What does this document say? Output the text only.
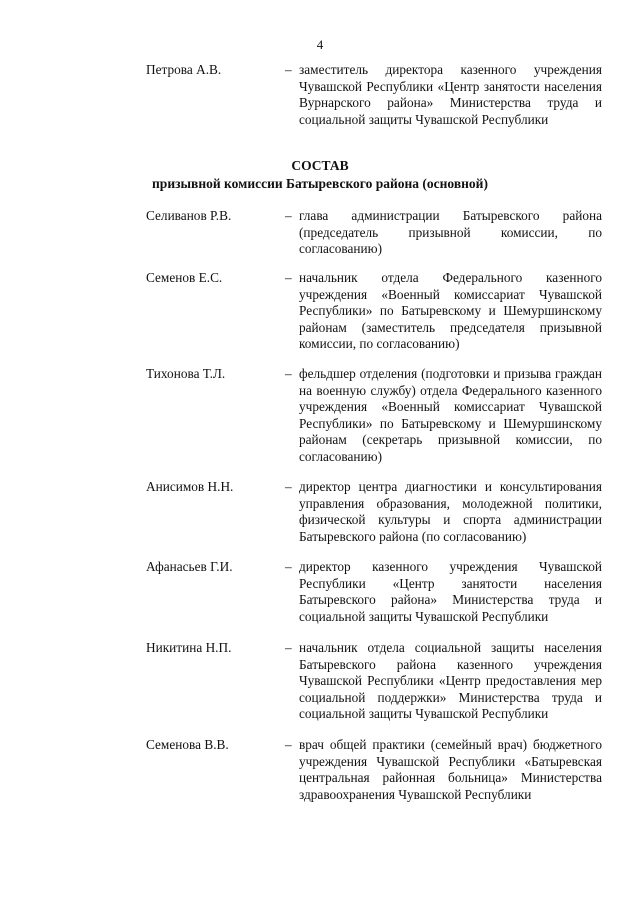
4
Петрова А.В.	– заместитель директора казенного учреждения Чувашской Республики «Центр занятости населения Вурнарского района» Министерства труда и социальной защиты Чувашской Республики
СОСТАВ
призывной комиссии Батыревского района (основной)
Селиванов Р.В.	– глава администрации Батыревского района (председатель призывной комиссии, по согласованию)
Семенов Е.С.	– начальник отдела Федерального казенного учреждения «Военный комиссариат Чувашской Республики» по Батыревскому и Шемуршинскому районам (заместитель председателя призывной комиссии, по согласованию)
Тихонова Т.Л.	– фельдшер отделения (подготовки и призыва граждан на военную службу) отдела Федерального казенного учреждения «Военный комиссариат Чувашской Республики» по Батыревскому и Шемуршинскому районам (секретарь призывной комиссии, по согласованию)
Анисимов Н.Н.	– директор центра диагностики и консультирования управления образования, молодежной политики, физической культуры и спорта администрации Батыревского района (по согласованию)
Афанасьев Г.И.	– директор казенного учреждения Чувашской Республики «Центр занятости населения Батыревского района» Министерства труда и социальной защиты Чувашской Республики
Никитина Н.П.	– начальник отдела социальной защиты населения Батыревского района казенного учреждения Чувашской Республики «Центр предоставления мер социальной поддержки» Министерства труда и социальной защиты Чувашской Республики
Семенова В.В.	– врач общей практики (семейный врач) бюджетного учреждения Чувашской Республики «Батыревская центральная районная больница» Министерства здравоохранения Чувашской Республики
